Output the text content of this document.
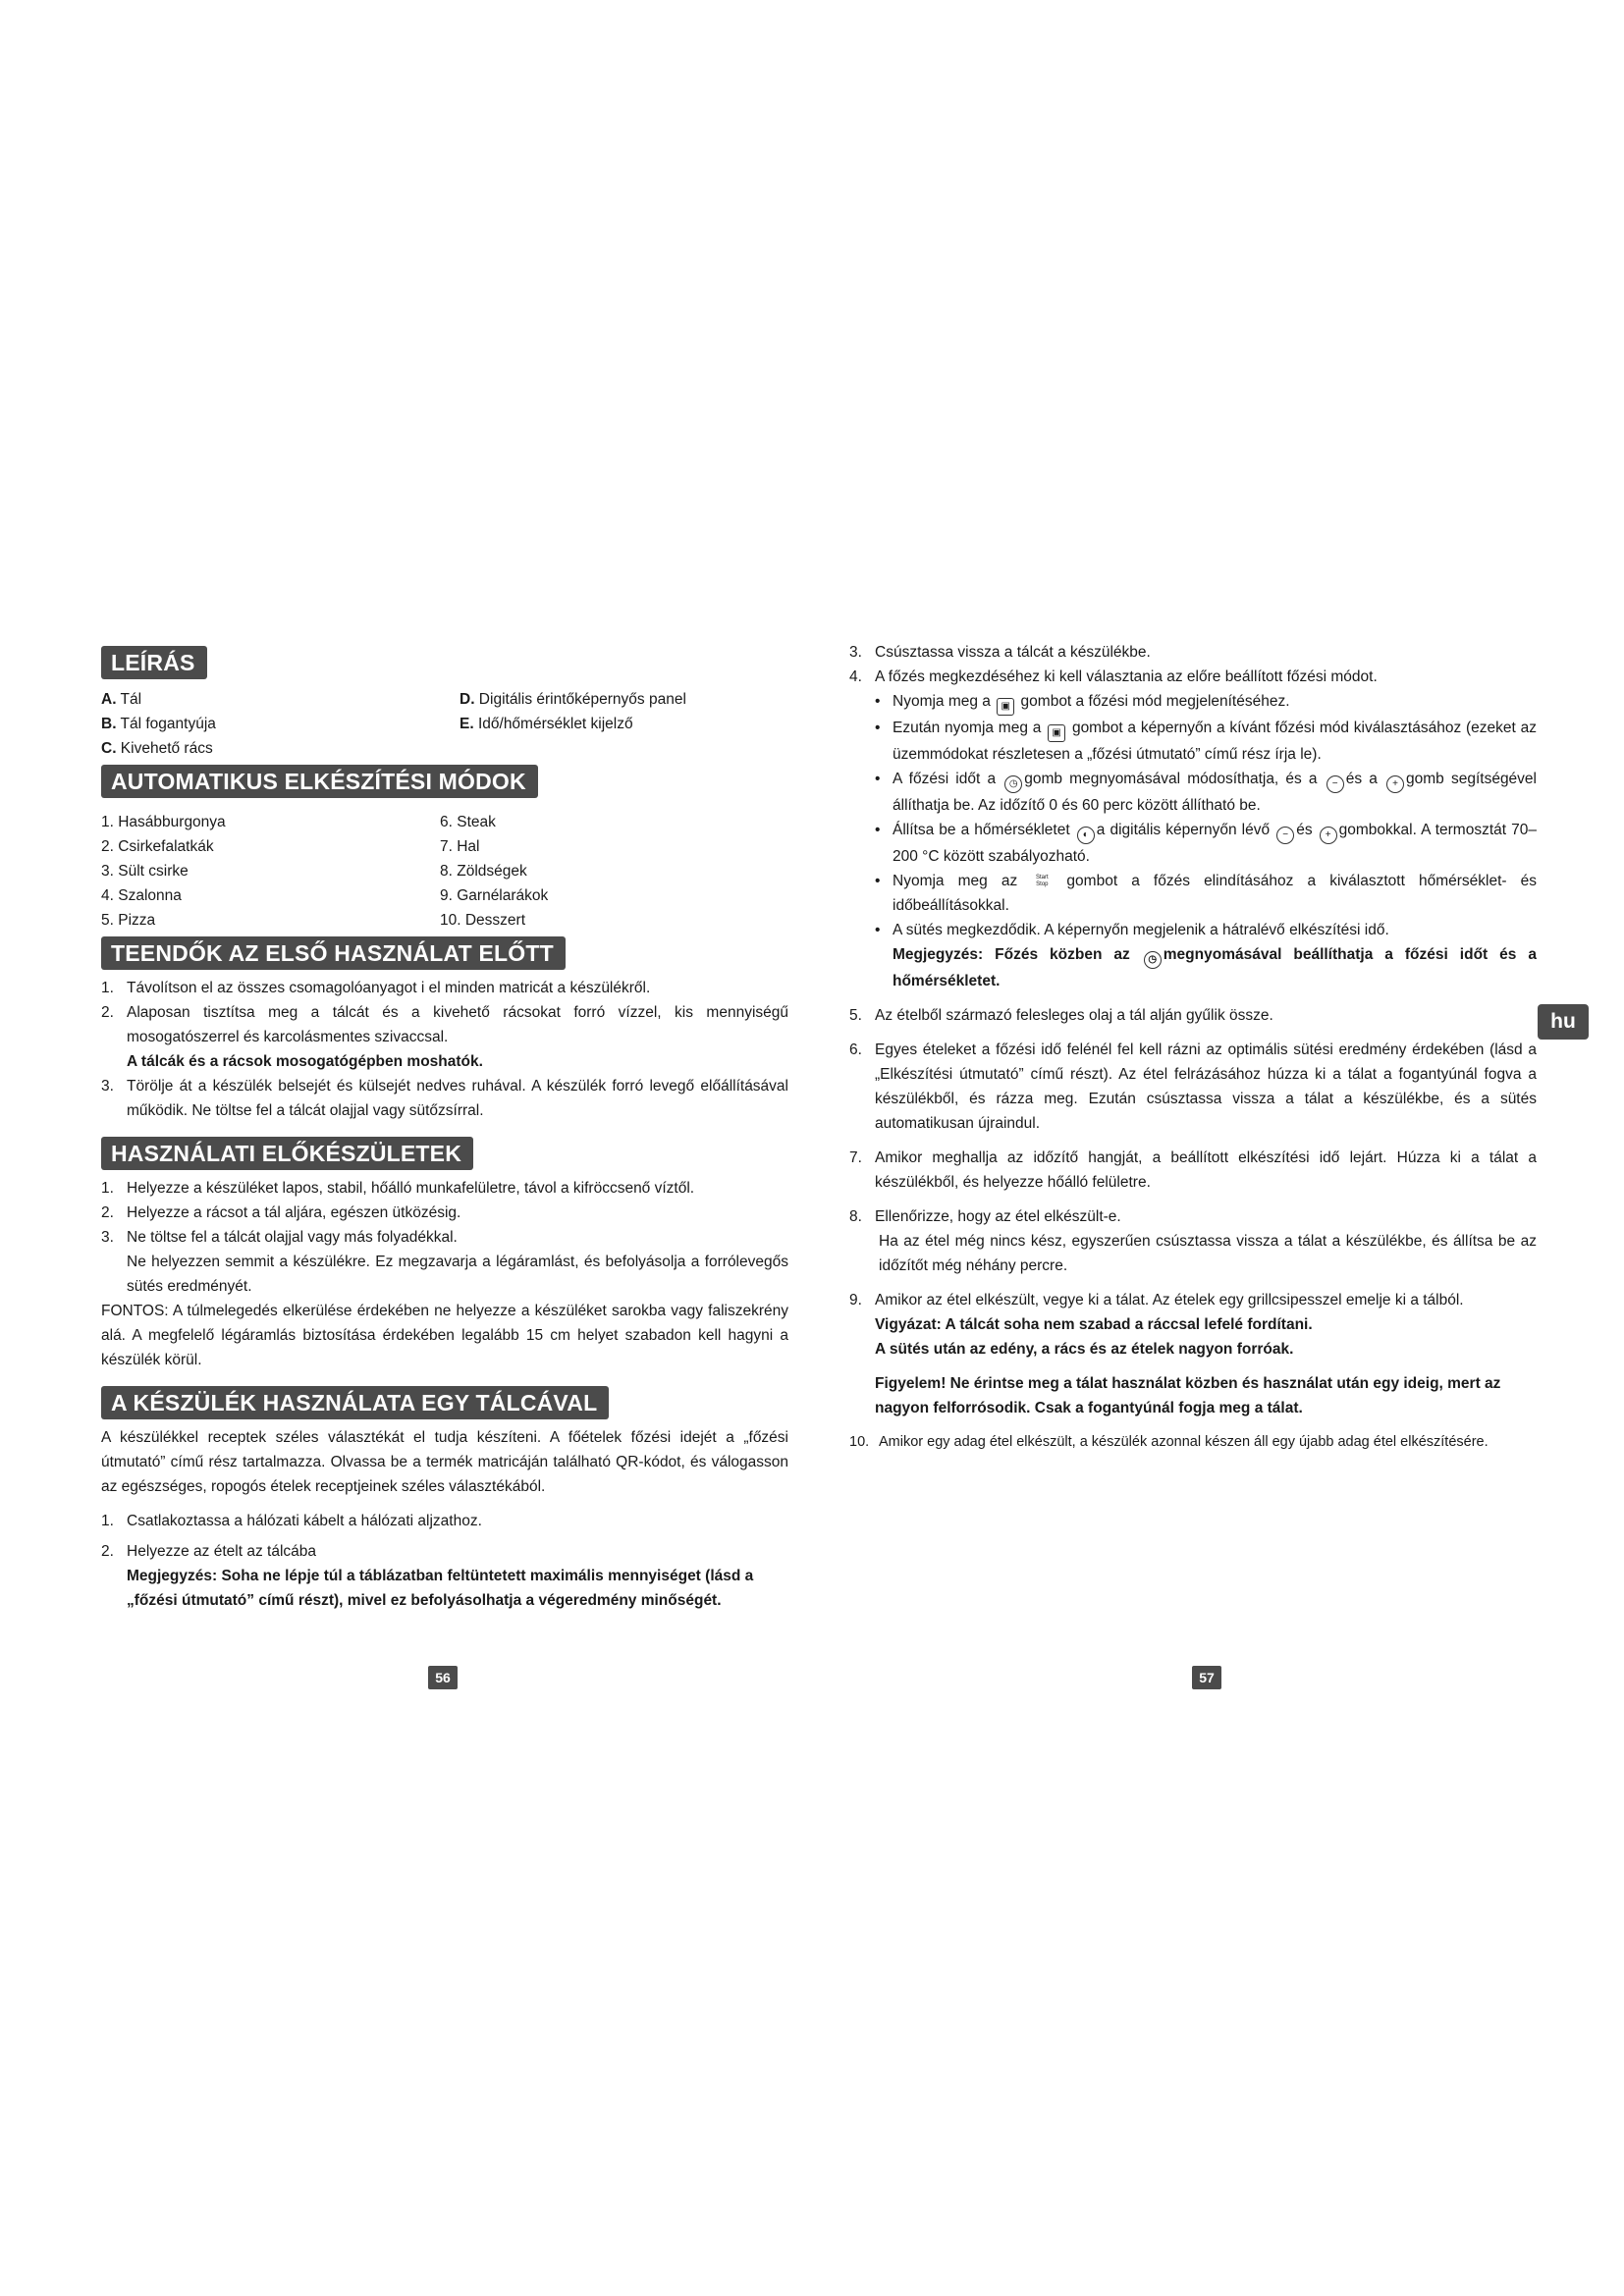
LEÍRÁS
A. Tál
B. Tál fogantyúja
C. Kivehető rács
D. Digitális érintőképernyős panel
E. Idő/hőmérséklet kijelző
AUTOMATIKUS ELKÉSZÍTÉSI MÓDOK
1. Hasábburgonya
2. Csirkefalatkák
3. Sült csirke
4. Szalonna
5. Pizza
6. Steak
7. Hal
8. Zöldségek
9. Garnélarákok
10. Desszert
TEENDŐK AZ ELSŐ HASZNÁLAT ELŐTT
1. Távolítson el az összes csomagolóanyagot i el minden matricát a készülékről.
2. Alaposan tisztítsa meg a tálcát és a kivehető rácsokat forró vízzel, kis mennyiségű mosogatószerrel és karcolásmentes szivaccsal.
A tálcák és a rácsok mosogatógépben moshatók.
3. Törölje át a készülék belsejét és külsejét nedves ruhával. A készülék forró levegő előállításával működik. Ne töltse fel a tálcát olajjal vagy sütőzsírral.
HASZNÁLATI ELŐKÉSZÜLETEK
1. Helyezze a készüléket lapos, stabil, hőálló munkafelületre, távol a kifröccsenő víztől.
2. Helyezze a rácsot a tál aljára, egészen ütközésig.
3. Ne töltse fel a tálcát olajjal vagy más folyadékkal.
Ne helyezzen semmit a készülékre. Ez megzavarja a légáramlást, és befolyásolja a forrólevegős sütés eredményét.

FONTOS: A túlmelegedés elkerülése érdekében ne helyezze a készüléket sarokba vagy faliszekrény alá. A megfelelő légáramlás biztosítása érdekében legalább 15 cm helyet szabadon kell hagyni a készülék körül.

A KÉSZÜLÉK HASZNÁLATA EGY TÁLCÁVAL

A készülékkel receptek széles választékát el tudja készíteni. A főételek főzési idejét a „főzési útmutató” című rész tartalmazza. Olvassa be a termék matricáján található QR-kódot, és válogasson az egészséges, ropogós ételek receptjeinek széles választékából.

1. Csatlakoztassa a hálózati kábelt a hálózati aljzathoz.
2. Helyezze az ételt az tálcába
Megjegyzés: Soha ne lépje túl a táblázatban feltüntetett maximális mennyiséget (lásd a „főzési útmutató” című részt), mivel ez befolyásolhatja a végeredmény minőségét.
3. Csúsztassa vissza a tálcát a készülékbe.
4. A főzés megkezdéséhez ki kell választania az előre beállított főzési módot.
• Nyomja meg a ▣ gombot a főzési mód megjelenítéséhez.
• Ezután nyomja meg a ▣ gombot a képernyőn a kívánt főzési mód kiválasztásához (ezeket az üzemmódokat részletesen a „főzési útmutató” című rész írja le).
• A főzési időt a ◷ gomb megnyomásával módosíthatja, és a − és a + gomb segítségével állíthatja be. Az időzítő 0 és 60 perc között állítható be.
• Állítsa be a hőmérsékletet ◐ a digitális képernyőn lévő − és + gombokkal. A termosztát 70–200 °C között szabályozható.
• Nyomja meg az Start Stop gombot a főzés elindításához a kiválasztott hőmérséklet- és időbeállításokkal.
• A sütés megkezdődik. A képernyőn megjelenik a hátralévő elkészítési idő.
Megjegyzés: Főzés közben az ◷ megnyomásával beállíthatja a főzési időt és a hőmérsékletet.
5. Az ételből származó felesleges olaj a tál alján gyűlik össze.
6. Egyes ételeket a főzési idő felénél fel kell rázni az optimális sütési eredmény érdekében (lásd a „Elkészítési útmutató” című részt). Az étel felrázásához húzza ki a tálat a fogantyúnál fogva a készülékből, és rázza meg. Ezután csúsztassa vissza a tálat a készülékbe, és a sütés automatikusan újraindul.
7. Amikor meghallja az időzítő hangját, a beállított elkészítési idő lejárt. Húzza ki a tálat a készülékből, és helyezze hőálló felületre.
8. Ellenőrizze, hogy az étel elkészült-e.
Ha az étel még nincs kész, egyszerűen csúsztassa vissza a tálat a készülékbe, és állítsa be az időzítőt még néhány percre.
9. Amikor az étel elkészült, vegye ki a tálat. Az ételek egy grillcsipesszel emelje ki a tálból.
Vigyázat: A tálcát soha nem szabad a ráccsal lefelé fordítani.
A sütés után az edény, a rács és az ételek nagyon forróak.
Figyelem! Ne érintse meg a tálat használat közben és használat után egy ideig, mert az nagyon felforrósodik. Csak a fogantyúnál fogja meg a tálat.
10. Amikor egy adag étel elkészült, a készülék azonnal készen áll egy újabb adag étel elkészítésére.
hu
56	57
